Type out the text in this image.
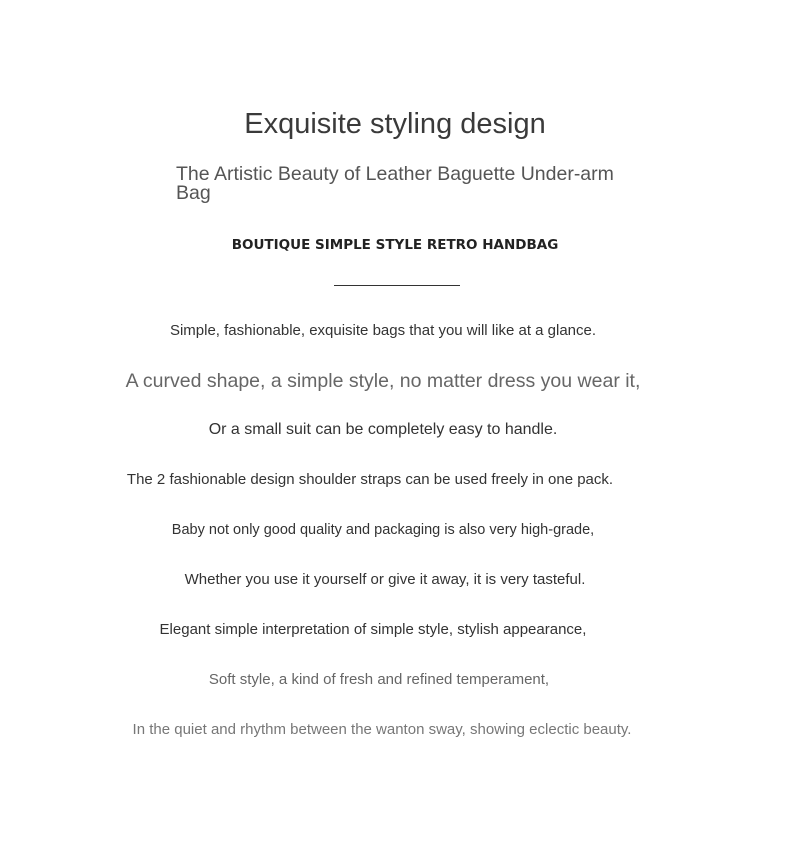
Exquisite styling design
The Artistic Beauty of Leather Baguette Under-arm Bag
BOUTIQUE SIMPLE STYLE RETRO HANDBAG

Simple, fashionable, exquisite bags that you will like at a glance.

A curved shape, a simple style, no matter dress you wear it,

Or a small suit can be completely easy to handle.

The 2 fashionable design shoulder straps can be used freely in one pack.

Baby not only good quality and packaging is also very high-grade,

Whether you use it yourself or give it away, it is very tasteful.

Elegant simple interpretation of simple style, stylish appearance,

Soft style, a kind of fresh and refined temperament,

In the quiet and rhythm between the wanton sway, showing eclectic beauty.
